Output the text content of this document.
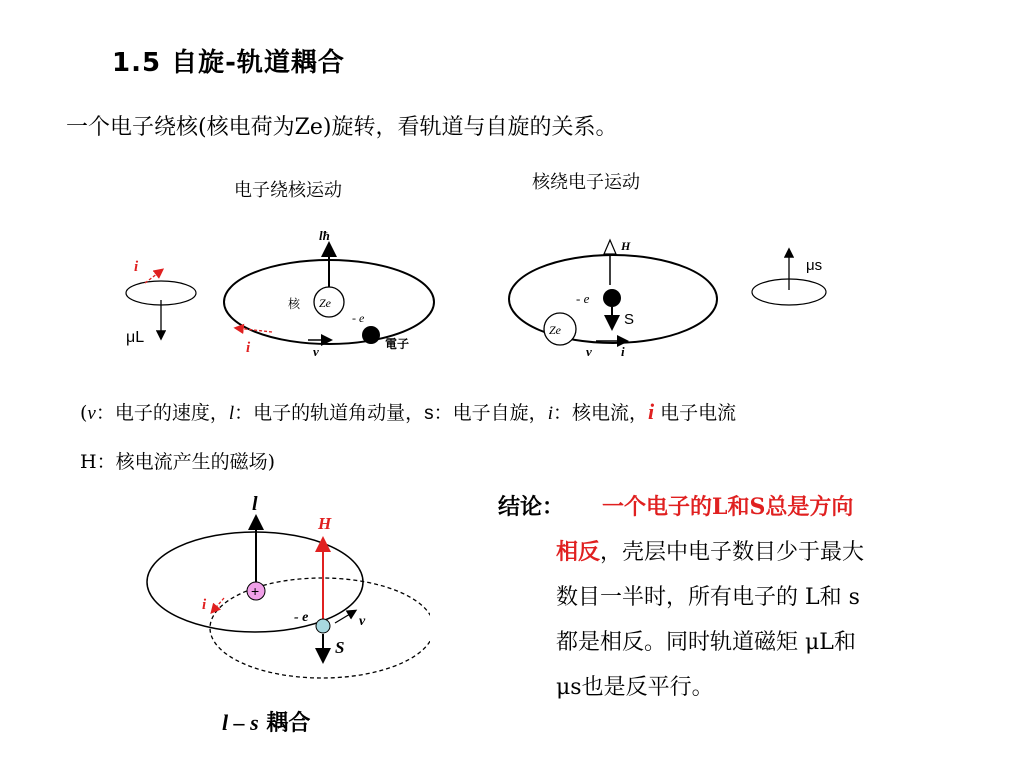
1.5 自旋-轨道耦合
一个电子绕核(核电荷为Ze)旋转，看轨道与自旋的关系。
电子绕核运动	核绕电子运动
i
μL
lħ
Ze
核
- e
電子
v
i
H
- e
S
Ze
v i
μs
(v：电子的速度，l：电子的轨道角动量，s：电子自旋，i：核电流，i 电子电流
H：核电流产生的磁场)
l
+
H
S
- e	v
i
l – s 耦合
结论： 一个电子的L和S总是方向
相反，壳层中电子数目少于最大
数目一半时，所有电子的 L和 s
都是相反。同时轨道磁矩 μL和
μs也是反平行。
